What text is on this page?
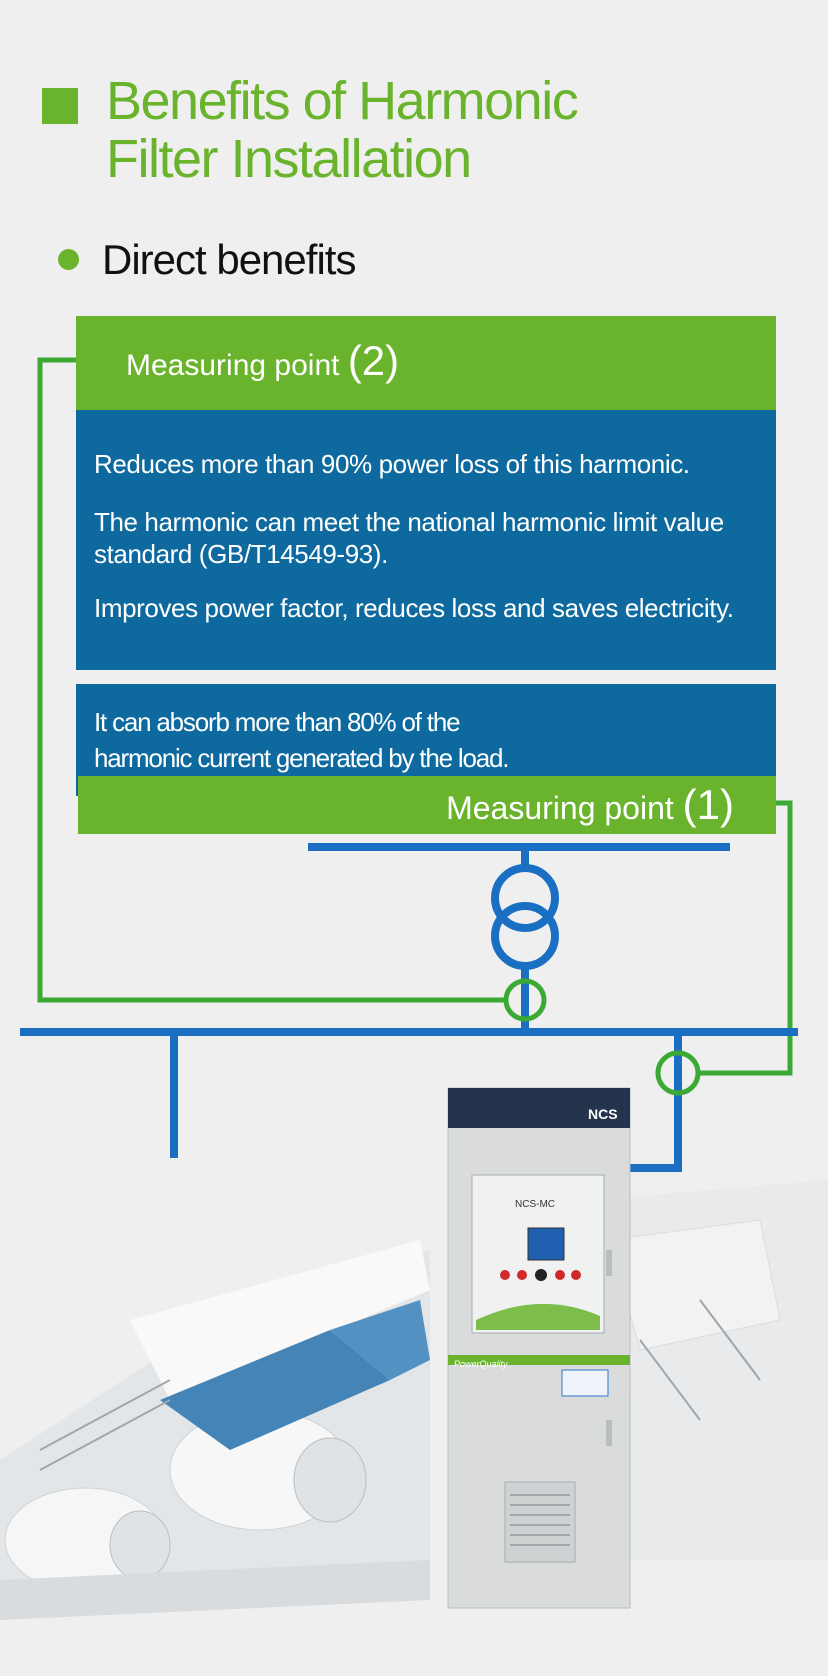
Benefits of Harmonic
Filter Installation
Direct benefits
NCS
NCS-MC
PowerQuality
Measuring point (2)
Reduces more than 90% power loss of this harmonic.
The harmonic can meet the national harmonic limit value standard (GB/T14549-93).
Improves power factor, reduces loss and saves electricity.
It can absorb more than 80% of the
harmonic current generated by the load.
Measuring point (1)
